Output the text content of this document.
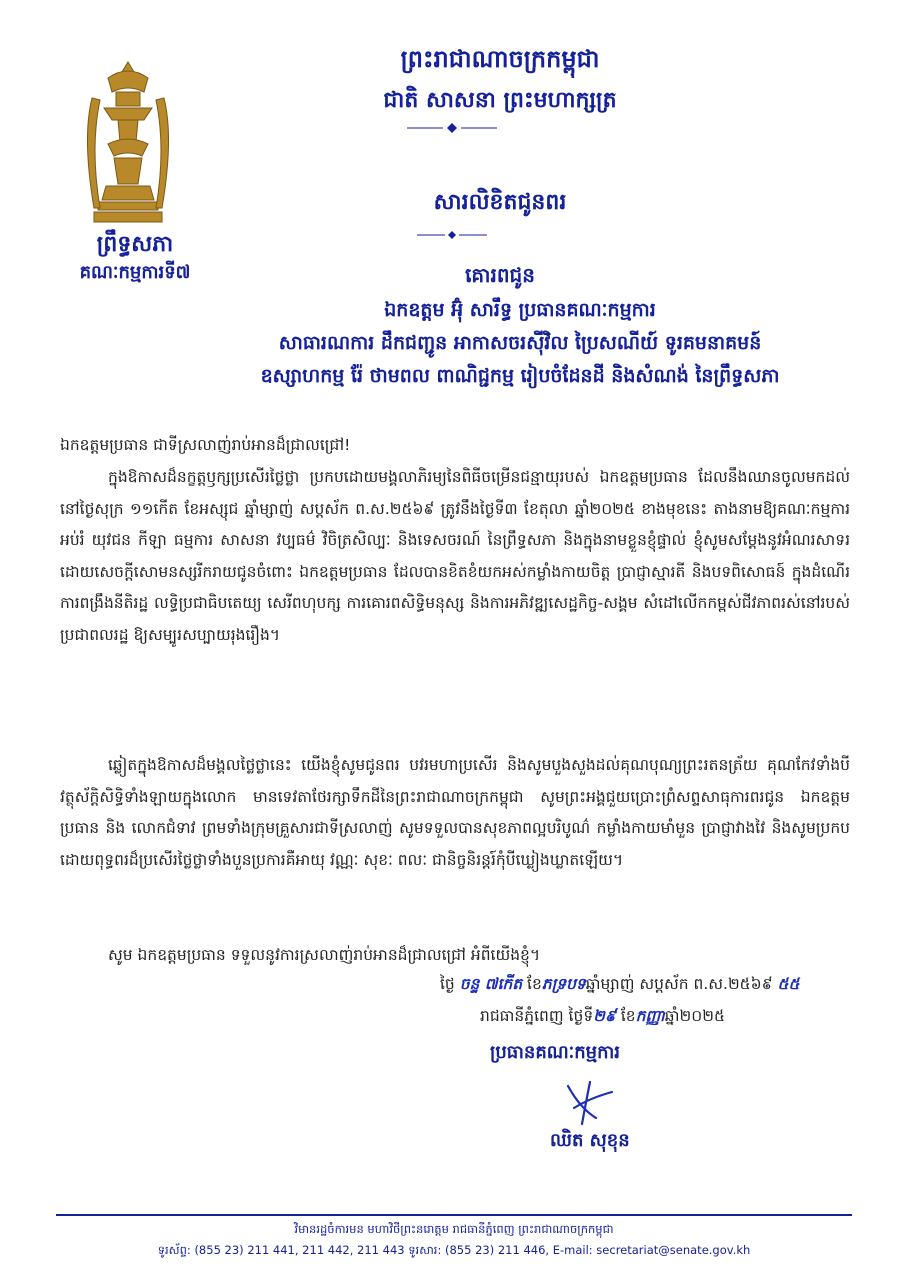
ព្រឹទ្ធសភា
គណៈកម្មការទី៧
ព្រះរាជាណាចក្រកម្ពុជា
ជាតិ សាសនា ព្រះមហាក្សត្រ
សារលិខិតជូនពរ
គោរពជូន
ឯកឧត្តម អ៊ុំ សារឹទ្ធ ប្រធានគណៈកម្មការ
សាធារណការ ដឹកជញ្ជូន អាកាសចរស៊ីវិល ប្រៃសណីយ៍ ទូរគមនាគមន៍
ឧស្សាហកម្ម រ៉ែ ថាមពល ពាណិជ្ជកម្ម រៀបចំដែនដី និងសំណង់ នៃព្រឹទ្ធសភា
ឯកឧត្តមប្រធាន ជាទីស្រលាញ់រាប់អានដ៏ជ្រាលជ្រៅ!
ក្នុងឱកាសដ៏នក្ខត្តឫក្សប្រសើរថ្លៃថ្លា ប្រកបដោយមង្គលាភិរម្យនៃពិធីចម្រើនជន្មាយុរបស់ ឯកឧត្តមប្រធាន ដែលនឹងឈានចូលមកដល់នៅថ្ងៃសុក្រ ១១កើត ខែអស្សុជ ឆ្នាំម្សាញ់ សប្តស័ក ព.ស.២៥៦៩ ត្រូវនឹងថ្ងៃទី៣ ខែតុលា ឆ្នាំ២០២៥ ខាងមុខនេះ តាងនាមឱ្យគណៈកម្មការអប់រំ យុវជន កីឡា ធម្មការ សាសនា វប្បធម៌ វិចិត្រសិល្បៈ និងទេសចរណ៍ នៃព្រឹទ្ធសភា និងក្នុងនាមខ្លួនខ្ញុំផ្ទាល់ ខ្ញុំសូមសម្តែងនូវអំណរសាទរដោយសេចក្តីសោមនស្សរីករាយជូនចំពោះ ឯកឧត្តមប្រធាន ដែលបានខិតខំយកអស់កម្លាំងកាយចិត្ត ប្រាជ្ញាស្មារតី និងបទពិសោធន៍ ក្នុងដំណើរការពង្រឹងនីតិរដ្ឋ លទ្ធិប្រជាធិបតេយ្យ សេរីពហុបក្ស ការគោរពសិទ្ធិមនុស្ស និងការអភិវឌ្ឍសេដ្ឋកិច្ច-សង្គម សំដៅលើកកម្ពស់ជីវភាពរស់នៅរបស់ប្រជាពលរដ្ឋ ឱ្យសម្បូរសប្បាយរុងរឿង។
ឆ្លៀតក្នុងឱកាសដ៏មង្គលថ្លៃថ្លានេះ យើងខ្ញុំសូមជូនពរ បវរមហាប្រសើរ និងសូមបួងសួងដល់គុណបុណ្យព្រះរតនត្រ័យ គុណកែវទាំងបី វត្ថុស័ក្តិសិទ្ធិទាំងឡាយក្នុងលោក មានទេវតាថែរក្សាទឹកដីនៃព្រះរាជាណាចក្រកម្ពុជា សូមព្រះអង្គជួយប្រោះព្រំសព្ទសាធុការពរជូន ឯកឧត្តមប្រធាន និង លោកជំទាវ ព្រមទាំងក្រុមគ្រួសារជាទីស្រលាញ់ សូមទទួលបានសុខភាពល្អបរិបូណ៌ កម្លាំងកាយមាំមួន ប្រាជ្ញាវាងវៃ និងសូមប្រកបដោយពុទ្ធពរដ៏ប្រសើរថ្លៃថ្លាទាំងបួនប្រការគឺអាយុ វណ្ណៈ សុខៈ ពលៈ ជានិច្ចនិរន្តរ៍កុំបីឃ្លៀងឃ្លាតឡើយ។
សូម ឯកឧត្តមប្រធាន ទទួលនូវការស្រលាញ់រាប់អានដ៏ជ្រាលជ្រៅ អំពីយើងខ្ញុំ។
ថ្ងៃ ចន្ទ ៧កើត ខែភទ្របទឆ្នាំម្សាញ់ សប្តស័ក ព.ស.២៥៦៩ ៥៥
រាជធានីភ្នំពេញ ថ្ងៃទី២៩ ខែកញ្ញាឆ្នាំ២០២៥
ប្រធានគណៈកម្មការ
ឈិត សុខុន
វិមានរដ្ឋចំការមន មហាវិថីព្រះនរោត្តម រាជធានីភ្នំពេញ ព្រះរាជាណាចក្រកម្ពុជា
ទូរស័ព្ទ: (855 23) 211 441, 211 442, 211 443 ទូរសារ: (855 23) 211 446, E-mail: secretariat@senate.gov.kh
